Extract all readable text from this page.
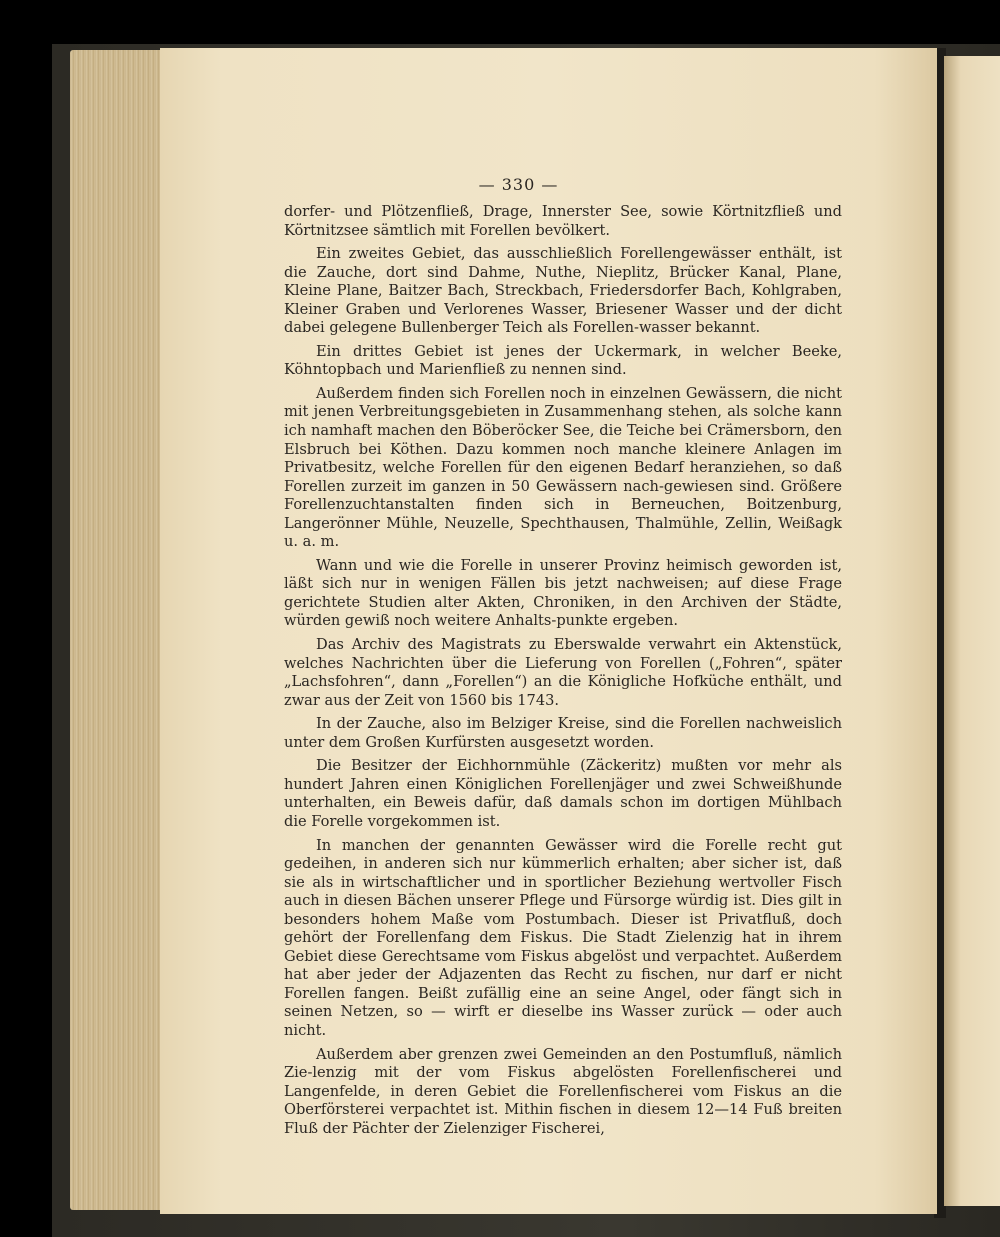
— 330 —

dorfer- und Plötzenfließ, Drage, Innerster See, sowie Körtnitzfließ und Körtnitzsee sämtlich mit Forellen bevölkert.

Ein zweites Gebiet, das ausschließlich Forellengewässer enthält, ist die Zauche, dort sind Dahme, Nuthe, Nieplitz, Brücker Kanal, Plane, Kleine Plane, Baitzer Bach, Streckbach, Friedersdorfer Bach, Kohlgraben, Kleiner Graben und Verlorenes Wasser, Briesener Wasser und der dicht dabei gelegene Bullenberger Teich als Forellen-wasser bekannt.

Ein drittes Gebiet ist jenes der Uckermark, in welcher Beeke, Köhntopbach und Marienfließ zu nennen sind.

Außerdem finden sich Forellen noch in einzelnen Gewässern, die nicht mit jenen Verbreitungsgebieten in Zusammenhang stehen, als solche kann ich namhaft machen den Böberöcker See, die Teiche bei Crämersborn, den Elsbruch bei Köthen. Dazu kommen noch manche kleinere Anlagen im Privatbesitz, welche Forellen für den eigenen Bedarf heranziehen, so daß Forellen zurzeit im ganzen in 50 Gewässern nach-gewiesen sind. Größere Forellenzuchtanstalten finden sich in Berneuchen, Boitzenburg, Langerönner Mühle, Neuzelle, Spechthausen, Thalmühle, Zellin, Weißagk u. a. m.

Wann und wie die Forelle in unserer Provinz heimisch geworden ist, läßt sich nur in wenigen Fällen bis jetzt nachweisen; auf diese Frage gerichtete Studien alter Akten, Chroniken, in den Archiven der Städte, würden gewiß noch weitere Anhalts-punkte ergeben.

Das Archiv des Magistrats zu Eberswalde verwahrt ein Aktenstück, welches Nachrichten über die Lieferung von Forellen („Fohren“, später „Lachsfohren“, dann „Forellen“) an die Königliche Hofküche enthält, und zwar aus der Zeit von 1560 bis 1743.

In der Zauche, also im Belziger Kreise, sind die Forellen nachweislich unter dem Großen Kurfürsten ausgesetzt worden.

Die Besitzer der Eichhornmühle (Zäckeritz) mußten vor mehr als hundert Jahren einen Königlichen Forellenjäger und zwei Schweißhunde unterhalten, ein Beweis dafür, daß damals schon im dortigen Mühlbach die Forelle vorgekommen ist.

In manchen der genannten Gewässer wird die Forelle recht gut gedeihen, in anderen sich nur kümmerlich erhalten; aber sicher ist, daß sie als in wirtschaftlicher und in sportlicher Beziehung wertvoller Fisch auch in diesen Bächen unserer Pflege und Fürsorge würdig ist. Dies gilt in besonders hohem Maße vom Postumbach. Dieser ist Privatfluß, doch gehört der Forellenfang dem Fiskus. Die Stadt Zielenzig hat in ihrem Gebiet diese Gerechtsame vom Fiskus abgelöst und verpachtet. Außerdem hat aber jeder der Adjazenten das Recht zu fischen, nur darf er nicht Forellen fangen. Beißt zufällig eine an seine Angel, oder fängt sich in seinen Netzen, so — wirft er dieselbe ins Wasser zurück — oder auch nicht.

Außerdem aber grenzen zwei Gemeinden an den Postumfluß, nämlich Zie-lenzig mit der vom Fiskus abgelösten Forellenfischerei und Langenfelde, in deren Gebiet die Forellenfischerei vom Fiskus an die Oberförsterei verpachtet ist. Mithin fischen in diesem 12—14 Fuß breiten Fluß der Pächter der Zielenziger Fischerei,
